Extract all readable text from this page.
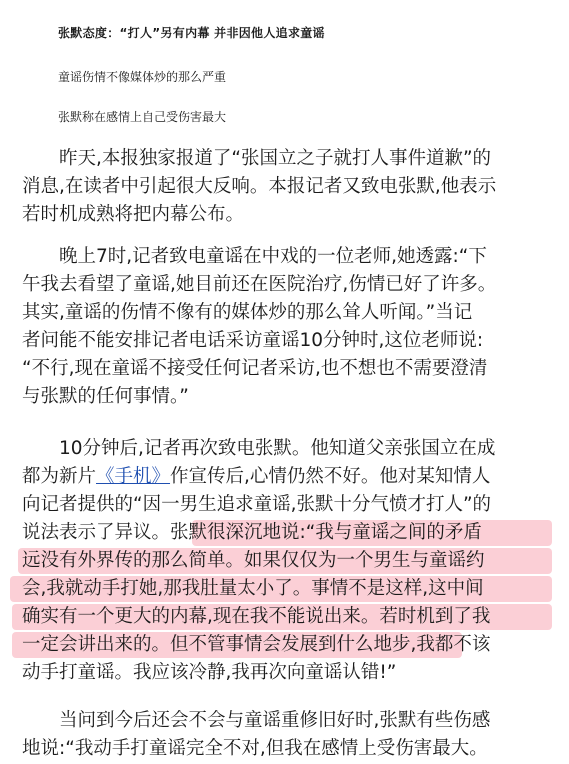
张默态度：“打人”另有内幕 并非因他人追求童谣
童谣伤情不像媒体炒的那么严重
张默称在感情上自己受伤害最大
　　昨天,本报独家报道了“张国立之子就打人事件道歉”的
消息,在读者中引起很大反响。本报记者又致电张默,他表示
若时机成熟将把内幕公布。
　　晚上7时,记者致电童谣在中戏的一位老师,她透露:“下
午我去看望了童谣,她目前还在医院治疗,伤情已好了许多。
其实,童谣的伤情不像有的媒体炒的那么耸人听闻。”当记
者问能不能安排记者电话采访童谣10分钟时,这位老师说:
“不行,现在童谣不接受任何记者采访,也不想也不需要澄清
与张默的任何事情。”
　　10分钟后,记者再次致电张默。他知道父亲张国立在成
都为新片《手机》作宣传后,心情仍然不好。他对某知情人
向记者提供的“因一男生追求童谣,张默十分气愤才打人”的
说法表示了异议。张默很深沉地说:“我与童谣之间的矛盾
远没有外界传的那么简单。如果仅仅为一个男生与童谣约
会,我就动手打她,那我肚量太小了。事情不是这样,这中间
确实有一个更大的内幕,现在我不能说出来。若时机到了我
一定会讲出来的。但不管事情会发展到什么地步,我都不该
动手打童谣。我应该冷静,我再次向童谣认错!”
　　当问到今后还会不会与童谣重修旧好时,张默有些伤感
地说:“我动手打童谣完全不对,但我在感情上受伤害最大。
